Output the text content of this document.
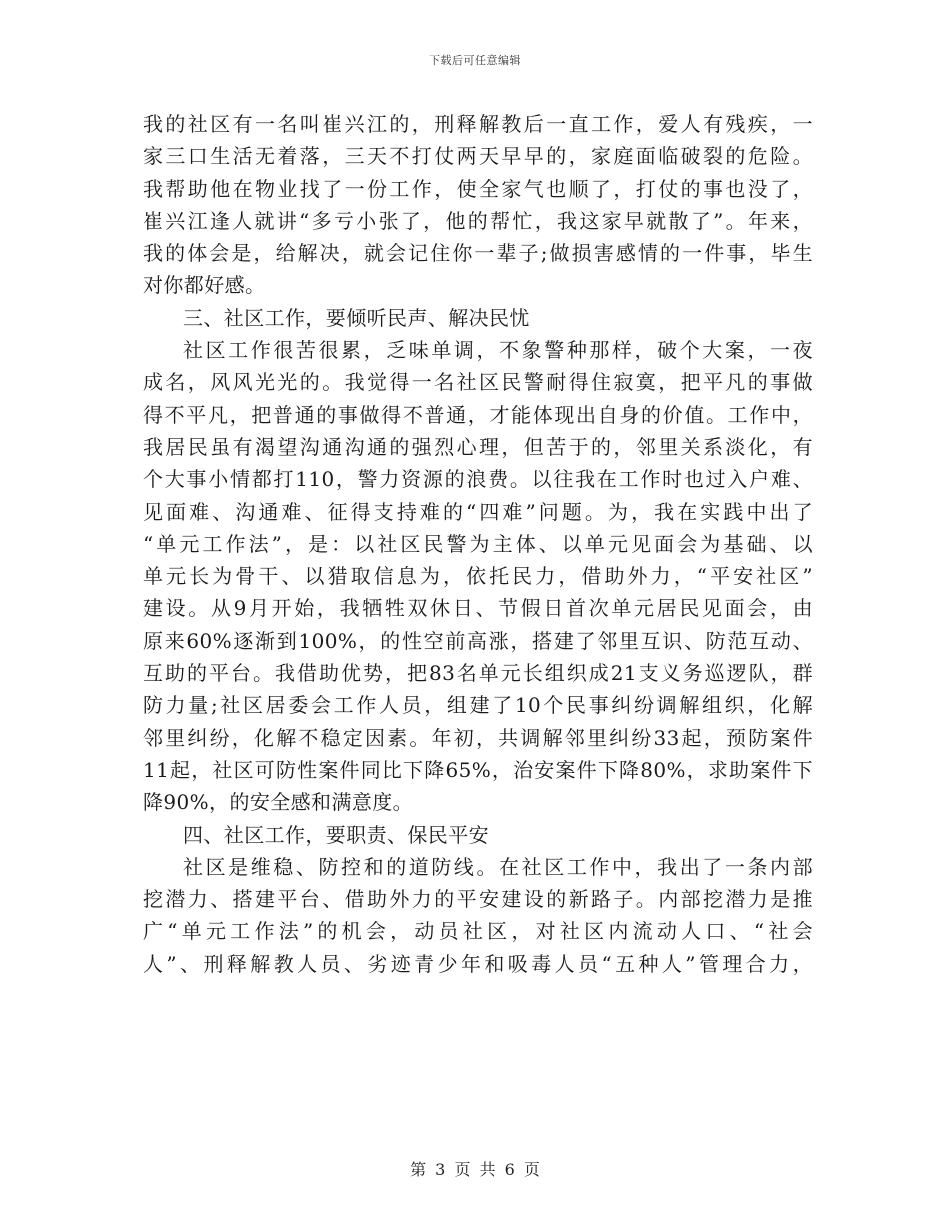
下载后可任意编辑
我的社区有一名叫崔兴江的，刑释解教后一直工作，爱人有残疾，一
家三口生活无着落，三天不打仗两天早早的，家庭面临破裂的危险。
我帮助他在物业找了一份工作，使全家气也顺了，打仗的事也没了，
崔兴江逢人就讲“多亏小张了，他的帮忙，我这家早就散了”。年来，
我的体会是，给解决，就会记住你一辈子;做损害感情的一件事，毕生
对你都好感。
三、社区工作，要倾听民声、解决民忧
社区工作很苦很累，乏味单调，不象警种那样，破个大案，一夜
成名，风风光光的。我觉得一名社区民警耐得住寂寞，把平凡的事做
得不平凡，把普通的事做得不普通，才能体现出自身的价值。工作中，
我居民虽有渴望沟通沟通的强烈心理，但苦于的，邻里关系淡化，有
个大事小情都打110，警力资源的浪费。以往我在工作时也过入户难、
见面难、沟通难、征得支持难的“四难”问题。为，我在实践中出了
“单元工作法”，是：以社区民警为主体、以单元见面会为基础、以
单元长为骨干、以猎取信息为，依托民力，借助外力，“平安社区”
建设。从9月开始，我牺牲双休日、节假日首次单元居民见面会，由
原来60%逐渐到100%，的性空前高涨，搭建了邻里互识、防范互动、
互助的平台。我借助优势，把83名单元长组织成21支义务巡逻队，群
防力量;社区居委会工作人员，组建了10个民事纠纷调解组织，化解
邻里纠纷，化解不稳定因素。年初，共调解邻里纠纷33起，预防案件
11起，社区可防性案件同比下降65%，治安案件下降80%，求助案件下
降90%，的安全感和满意度。
四、社区工作，要职责、保民平安
社区是维稳、防控和的道防线。在社区工作中，我出了一条内部
挖潜力、搭建平台、借助外力的平安建设的新路子。内部挖潜力是推
广“单元工作法”的机会，动员社区，对社区内流动人口、“社会
人”、刑释解教人员、劣迹青少年和吸毒人员“五种人”管理合力，
第 3 页 共 6 页
